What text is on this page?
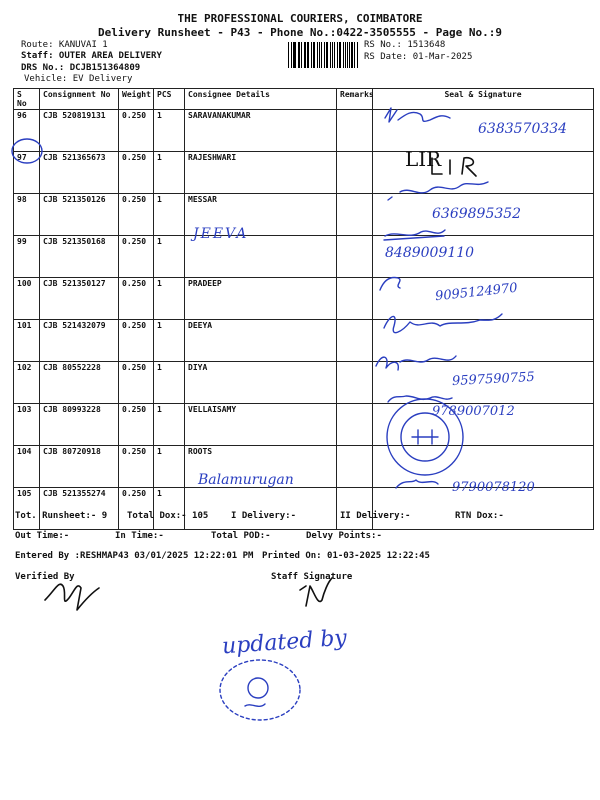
THE PROFESSIONAL COURIERS, COIMBATORE
Delivery Runsheet - P43 - Phone No.:0422-3505555 - Page No.:9
Route: KANUVAI 1
Staff: OUTER AREA DELIVERY
DRS No.: DCJB151364809
Vehicle: EV Delivery
RS No.: 1513648
RS Date: 01-Mar-2025
S No	Consignment No	Weight	PCS	Consignee Details	Remarks	Seal & Signature
96	CJB 520819131	0.250	1	SARAVANAKUMAR		
97	CJB 521365673	0.250	1	RAJESHWARI		
98	CJB 521350126	0.250	1	MESSAR		
99	CJB 521350168	0.250	1			
100	CJB 521350127	0.250	1	PRADEEP		
101	CJB 521432079	0.250	1	DEEYA		
102	CJB 80552228	0.250	1	DIYA		
103	CJB 80993228	0.250	1	VELLAISAMY		
104	CJB 80720918	0.250	1	ROOTS		
105	CJB 521355274	0.250	1			
6383570334
LIR
6369895352
8489009110
9095124970
9597590755
9789007012
9790078120
JEEVA
Balamurugan
Tot. Runsheet:- 9 Total Dox:- 105	I Delivery:-	II Delivery:-	RTN Dox:-
Out Time:-	In Time:-	Total POD:-	Delvy Points:-
Entered By :RESHMAP43 03/01/2025 12:22:01 PM Printed On: 01-03-2025 12:22:45
Verified By	Staff Signature
updated by
